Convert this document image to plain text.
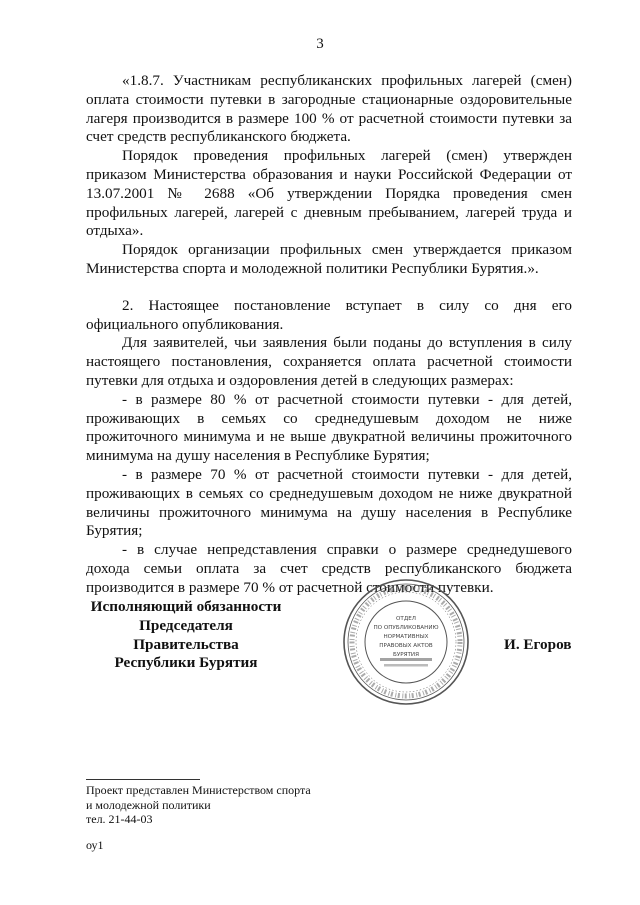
3

«1.8.7. Участникам республиканских профильных лагерей (смен) оплата стоимости путевки в загородные стационарные оздоровительные лагеря производится в размере 100 % от расчетной стоимости путевки за счет средств республиканского бюджета.

Порядок проведения профильных лагерей (смен) утвержден приказом Министерства образования и науки Российской Федерации от 13.07.2001 № 2688 «Об утверждении Порядка проведения смен профильных лагерей, лагерей с дневным пребыванием, лагерей труда и отдыха».

Порядок организации профильных смен утверждается приказом Министерства спорта и молодежной политики Республики Бурятия.».

2. Настоящее постановление вступает в силу со дня его официального опубликования.

Для заявителей, чьи заявления были поданы до вступления в силу настоящего постановления, сохраняется оплата расчетной стоимости путевки для отдыха и оздоровления детей в следующих размерах:

- в размере 80 % от расчетной стоимости путевки - для детей, проживающих в семьях со среднедушевым доходом не ниже прожиточного минимума и не выше двукратной величины прожиточного минимума на душу населения в Республике Бурятия;

- в размере 70 % от расчетной стоимости путевки - для детей, проживающих в семьях со среднедушевым доходом не ниже двукратной величины прожиточного минимума на душу населения в Республике Бурятия;

- в случае непредставления справки о размере среднедушевого дохода семьи оплата за счет средств республиканского бюджета производится в размере 70 % от расчетной стоимости путевки.

Исполняющий обязанности
Председателя Правительства
Республики Бурятия
ОТДЕЛ
ПО ОПУБЛИКОВАНИЮ
НОРМАТИВНЫХ
ПРАВОВЫХ АКТОВ
БУРЯТИЯ
И. Егоров
Проект представлен Министерством спорта
и молодежной политики
тел. 21-44-03
оу1
